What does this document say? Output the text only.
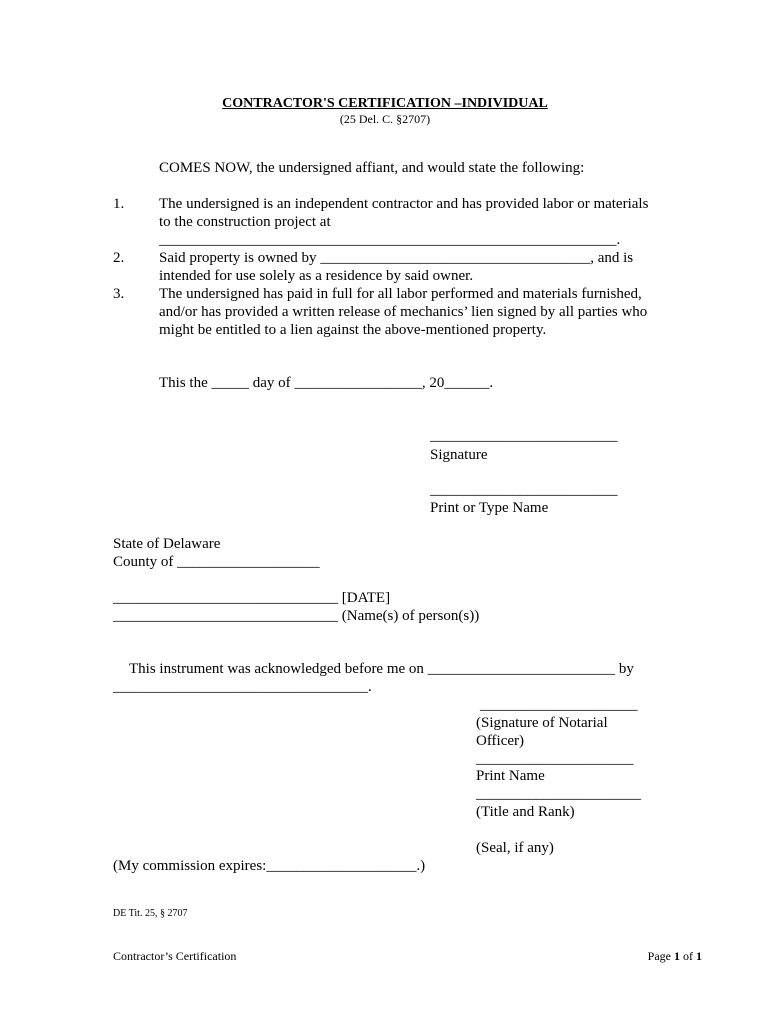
CONTRACTOR'S CERTIFICATION –INDIVIDUAL
(25 Del. C. §2707)
COMES NOW, the undersigned affiant, and would state the following:
1. The undersigned is an independent contractor and has provided labor or materials
to the construction project at
_____________________________________________________________.
2. Said property is owned by ____________________________________, and is
intended for use solely as a residence by said owner.
3. The undersigned has paid in full for all labor performed and materials furnished,
and/or has provided a written release of mechanics’ lien signed by all parties who
might be entitled to a lien against the above-mentioned property.
This the _____ day of _________________, 20______.
_________________________
Signature
_________________________
Print or Type Name
State of Delaware
County of ___________________
______________________________ [DATE]
______________________________ (Name(s) of person(s))
This instrument was acknowledged before me on _________________________ by
__________________________________.
_____________________
(Signature of Notarial
Officer)
_____________________
Print Name
______________________
(Title and Rank)
(Seal, if any)
(My commission expires:____________________.)
DE Tit. 25, § 2707
Contractor’s Certification	Page 1 of 1
